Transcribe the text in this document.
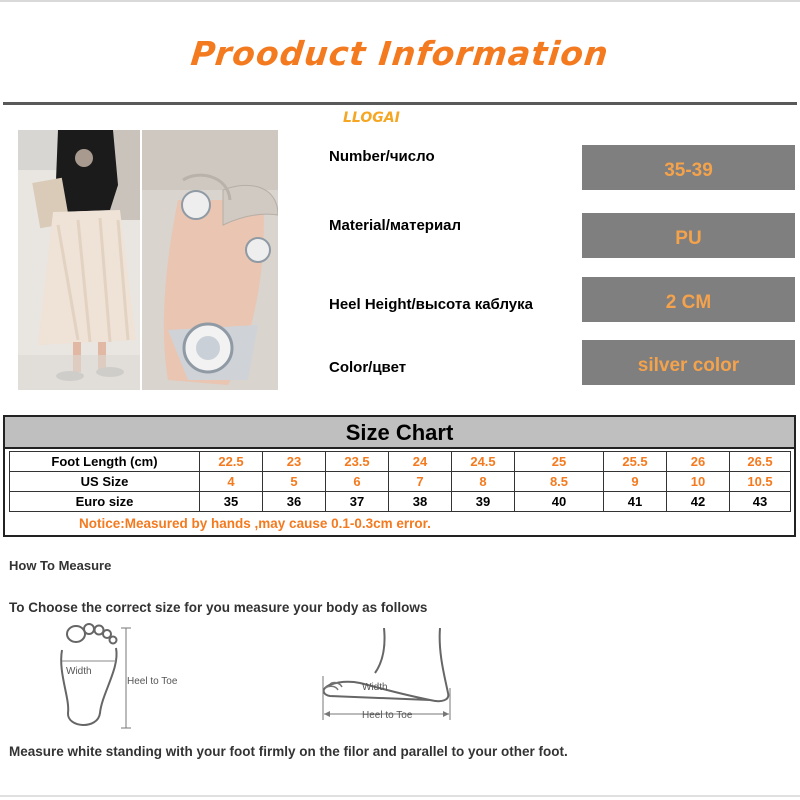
Prooduct Information
LLOGAI
Number/число
35-39
Material/материал
PU
Heel Height/высота каблука	2 CM
Color/цвет	silver color
Size Chart
Foot Length (cm)	22.5	23	23.5	24	24.5	25	25.5	26	26.5
US Size	4	5	6	7	8	8.5	9	10	10.5
Euro size	35	36	37	38	39	40	41	42	43
Notice:Measured by hands ,may cause 0.1-0.3cm error.
How To Measure
To Choose the correct size for you measure your body as follows
Width
Heel to Toe
Width
Heel to Toe
Measure white standing with your foot firmly on the filor and parallel to your other foot.
